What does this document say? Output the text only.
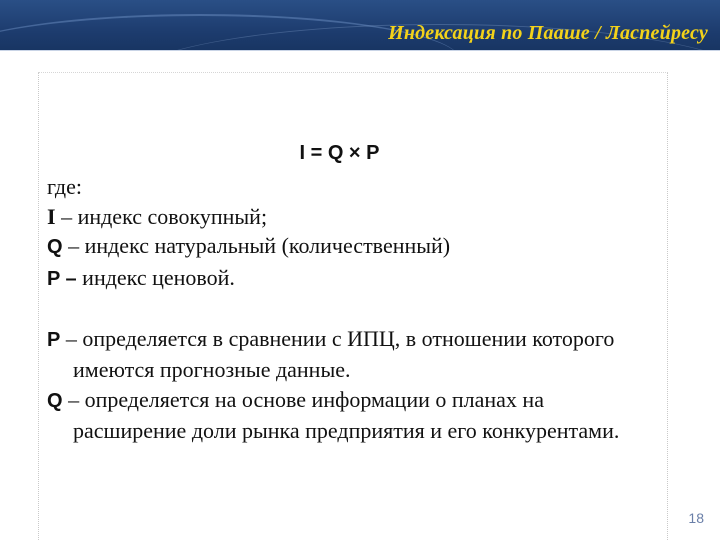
Индексация по Пааше / Ласпейресу
I = Q × P
где:
I – индекс совокупный;
Q – индекс натуральный (количественный)
P – индекс ценовой.
P – определяется в сравнении с ИПЦ, в отношении которого имеются прогнозные данные.
Q – определяется на основе информации о планах на расширение доли рынка предприятия и его конкурентами.
18
